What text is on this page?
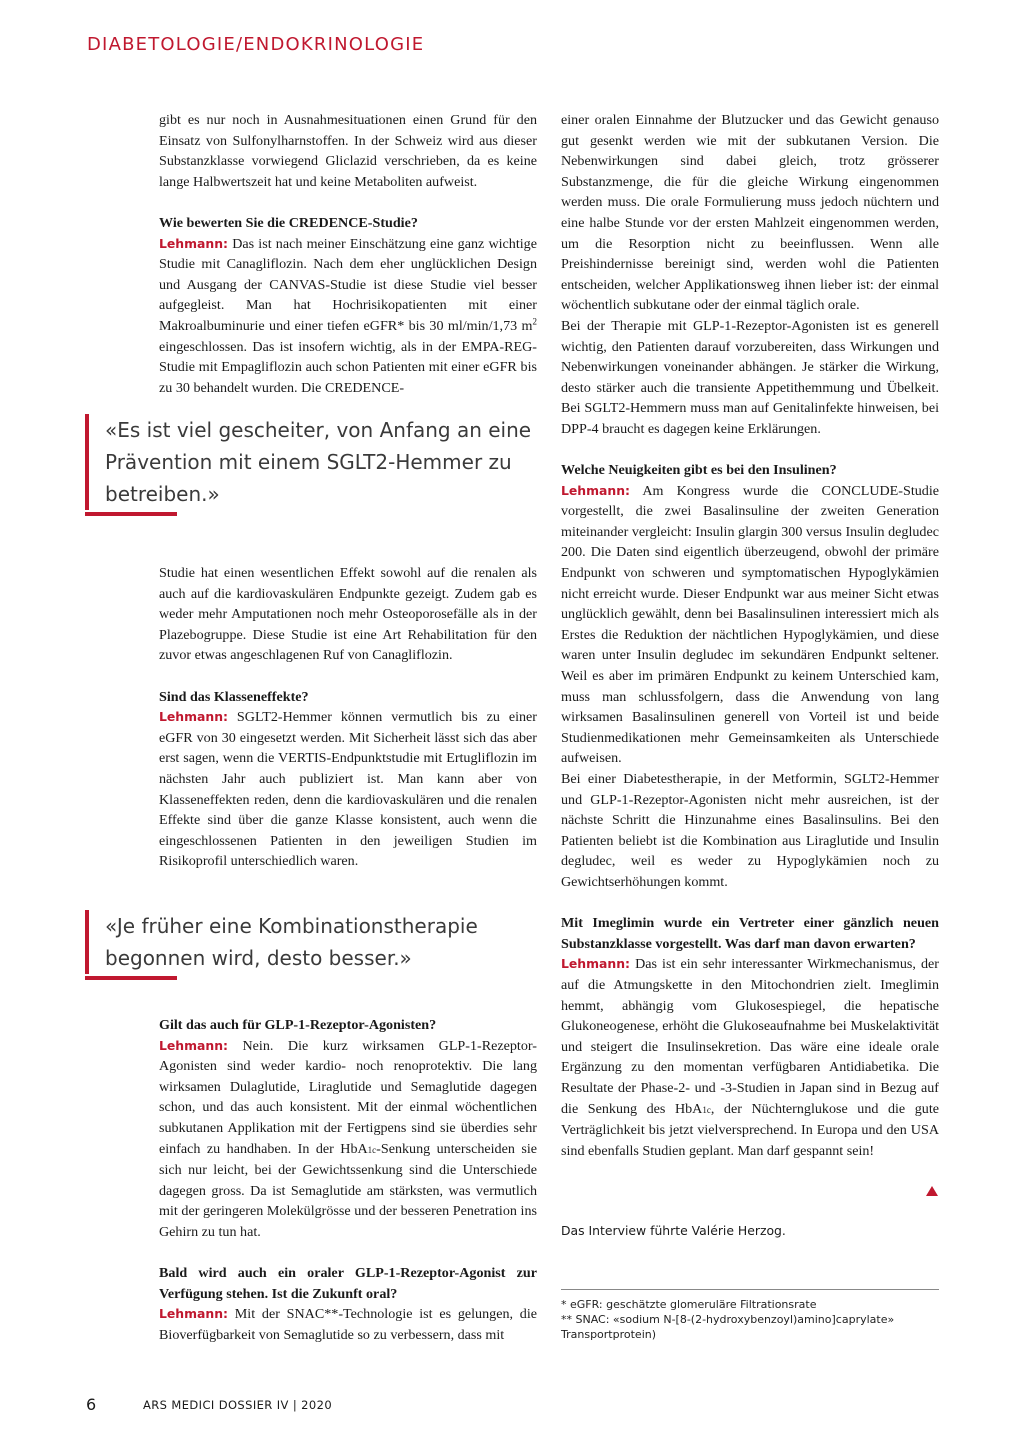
DIABETOLOGIE/ENDOKRINOLOGIE

gibt es nur noch in Ausnahmesituationen einen Grund für den Einsatz von Sulfonylharnstoffen. In der Schweiz wird aus dieser Substanzklasse vorwiegend Gliclazid verschrieben, da es keine lange Halbwertszeit hat und keine Metaboliten aufweist.

Wie bewerten Sie die CREDENCE-Studie?

Lehmann: Das ist nach meiner Einschätzung eine ganz wichtige Studie mit Canagliflozin. Nach dem eher unglücklichen Design und Ausgang der CANVAS-Studie ist diese Studie viel besser aufgegleist. Man hat Hochrisikopatienten mit einer Makroalbuminurie und einer tiefen eGFR* bis 30 ml/min/1,73 $m^2$ eingeschlossen. Das ist insofern wichtig, als in der EMPA-REG-Studie mit Empagliflozin auch schon Patienten mit einer eGFR bis zu 30 behandelt wurden. Die CREDENCE-

«Es ist viel gescheiter, von Anfang an eine Prävention mit einem SGLT2-Hemmer zu betreiben.»

Studie hat einen wesentlichen Effekt sowohl auf die renalen als auch auf die kardiovaskulären Endpunkte gezeigt. Zudem gab es weder mehr Amputationen noch mehr Osteoporosefälle als in der Plazebogruppe. Diese Studie ist eine Art Rehabilitation für den zuvor etwas angeschlagenen Ruf von Canagliflozin.

Sind das Klasseneffekte?

Lehmann: SGLT2-Hemmer können vermutlich bis zu einer eGFR von 30 eingesetzt werden. Mit Sicherheit lässt sich das aber erst sagen, wenn die VERTIS-Endpunktstudie mit Ertugliflozin im nächsten Jahr auch publiziert ist. Man kann aber von Klasseneffekten reden, denn die kardiovaskulären und die renalen Effekte sind über die ganze Klasse konsistent, auch wenn die eingeschlossenen Patienten in den jeweiligen Studien im Risikoprofil unterschiedlich waren.

«Je früher eine Kombinationstherapie begonnen wird, desto besser.»

Gilt das auch für GLP-1-Rezeptor-Agonisten?

Lehmann: Nein. Die kurz wirksamen GLP-1-Rezeptor-Agonisten sind weder kardio- noch renoprotektiv. Die lang wirksamen Dulaglutide, Liraglutide und Semaglutide dagegen schon, und das auch konsistent. Mit der einmal wöchentlichen subkutanen Applikation mit der Fertigpens sind sie überdies sehr einfach zu handhaben. In der HbA1c-Senkung unterscheiden sie sich nur leicht, bei der Gewichtssenkung sind die Unterschiede dagegen gross. Da ist Semaglutide am stärksten, was vermutlich mit der geringeren Molekülgrösse und der besseren Penetration ins Gehirn zu tun hat.

Bald wird auch ein oraler GLP-1-Rezeptor-Agonist zur Verfügung stehen. Ist die Zukunft oral?

Lehmann: Mit der SNAC**-Technologie ist es gelungen, die Bioverfügbarkeit von Semaglutide so zu verbessern, dass mit

einer oralen Einnahme der Blutzucker und das Gewicht genauso gut gesenkt werden wie mit der subkutanen Version. Die Nebenwirkungen sind dabei gleich, trotz grösserer Substanzmenge, die für die gleiche Wirkung eingenommen werden muss. Die orale Formulierung muss jedoch nüchtern und eine halbe Stunde vor der ersten Mahlzeit eingenommen werden, um die Resorption nicht zu beeinflussen. Wenn alle Preishindernisse bereinigt sind, werden wohl die Patienten entscheiden, welcher Applikationsweg ihnen lieber ist: der einmal wöchentlich subkutane oder der einmal täglich orale.

Bei der Therapie mit GLP-1-Rezeptor-Agonisten ist es generell wichtig, den Patienten darauf vorzubereiten, dass Wirkungen und Nebenwirkungen voneinander abhängen. Je stärker die Wirkung, desto stärker auch die transiente Appetithemmung und Übelkeit. Bei SGLT2-Hemmern muss man auf Genitalinfekte hinweisen, bei DPP-4 braucht es dagegen keine Erklärungen.

Welche Neuigkeiten gibt es bei den Insulinen?

Lehmann: Am Kongress wurde die CONCLUDE-Studie vorgestellt, die zwei Basalinsuline der zweiten Generation miteinander vergleicht: Insulin glargin 300 versus Insulin degludec 200. Die Daten sind eigentlich überzeugend, obwohl der primäre Endpunkt von schweren und symptomatischen Hypoglykämien nicht erreicht wurde. Dieser Endpunkt war aus meiner Sicht etwas unglücklich gewählt, denn bei Basalinsulinen interessiert mich als Erstes die Reduktion der nächtlichen Hypoglykämien, und diese waren unter Insulin degludec im sekundären Endpunkt seltener. Weil es aber im primären Endpunkt zu keinem Unterschied kam, muss man schlussfolgern, dass die Anwendung von lang wirksamen Basalinsulinen generell von Vorteil ist und beide Studienmedikationen mehr Gemeinsamkeiten als Unterschiede aufweisen.

Bei einer Diabetestherapie, in der Metformin, SGLT2-Hemmer und GLP-1-Rezeptor-Agonisten nicht mehr ausreichen, ist der nächste Schritt die Hinzunahme eines Basalinsulins. Bei den Patienten beliebt ist die Kombination aus Liraglutide und Insulin degludec, weil es weder zu Hypoglykämien noch zu Gewichtserhöhungen kommt.

Mit Imeglimin wurde ein Vertreter einer gänzlich neuen Substanzklasse vorgestellt. Was darf man davon erwarten?

Lehmann: Das ist ein sehr interessanter Wirkmechanismus, der auf die Atmungskette in den Mitochondrien zielt. Imeglimin hemmt, abhängig vom Glukosespiegel, die hepatische Glukoneogenese, erhöht die Glukoseaufnahme bei Muskelaktivität und steigert die Insulinsekretion. Das wäre eine ideale orale Ergänzung zu den momentan verfügbaren Antidiabetika. Die Resultate der Phase-2- und -3-Studien in Japan sind in Bezug auf die Senkung des HbA1c, der Nüchternglukose und die gute Verträglichkeit bis jetzt vielversprechend. In Europa und den USA sind ebenfalls Studien geplant. Man darf gespannt sein!

Das Interview führte Valérie Herzog.

* eGFR: geschätzte glomeruläre Filtrationsrate

** SNAC: «sodium N-[8-(2-hydroxybenzoyl)amino]caprylate» Transportprotein)

6	ARS MEDICI DOSSIER IV | 2020
